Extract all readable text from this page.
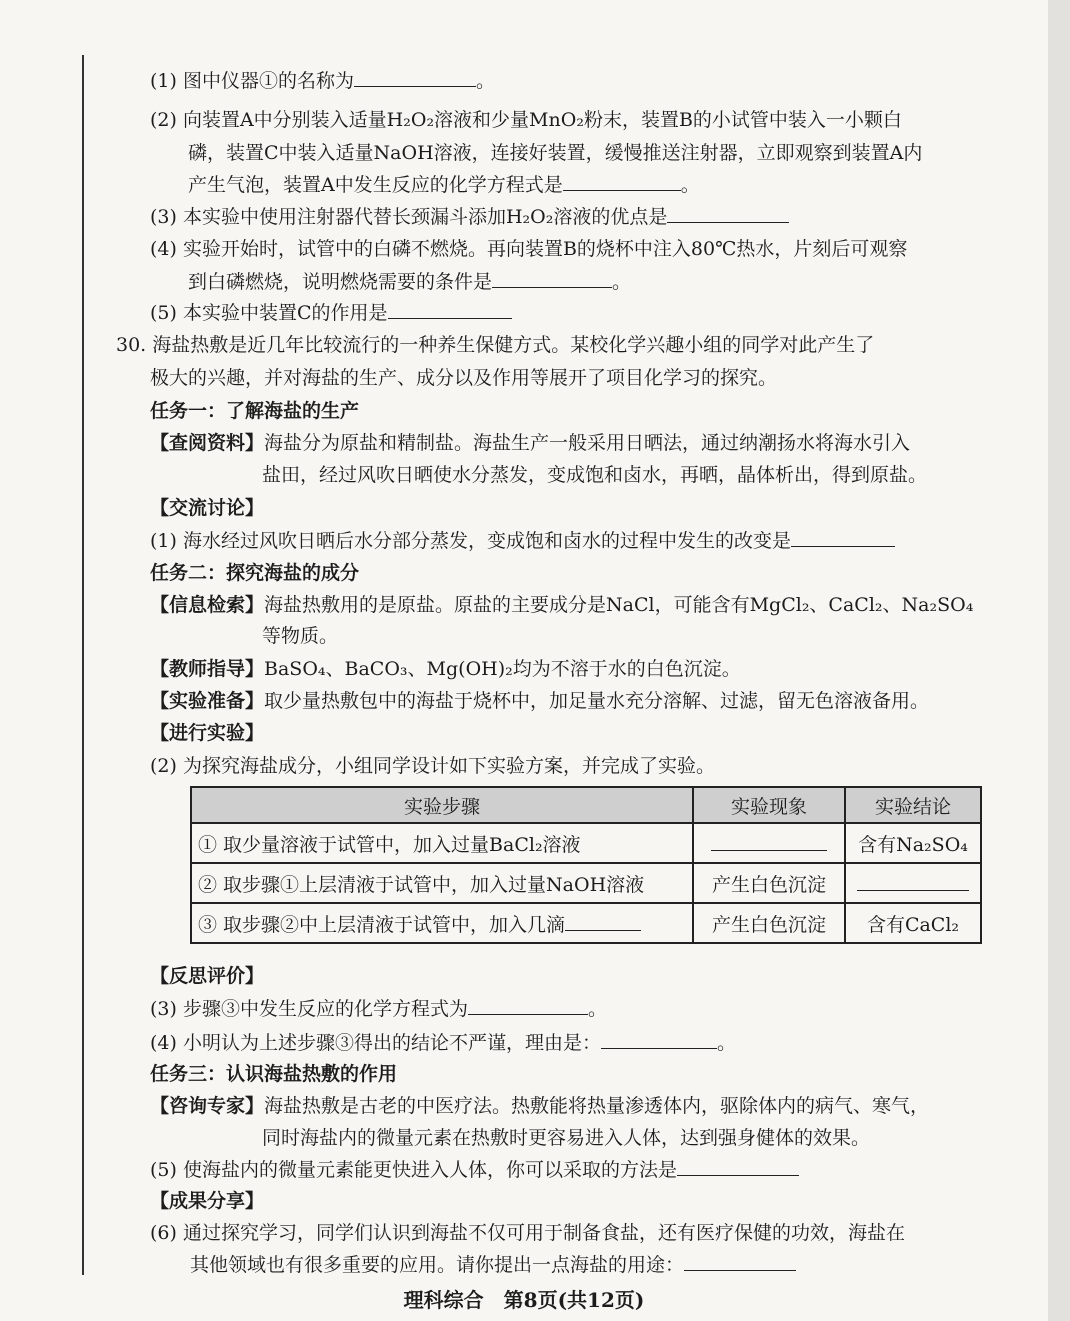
(1) 图中仪器①的名称为	。
(2) 向装置A中分别装入适量H₂O₂溶液和少量MnO₂粉末，装置B的小试管中装入一小颗白
磷，装置C中装入适量NaOH溶液，连接好装置，缓慢推送注射器，立即观察到装置A内
产生气泡，装置A中发生反应的化学方程式是	。
(3) 本实验中使用注射器代替长颈漏斗添加H₂O₂溶液的优点是
(4) 实验开始时，试管中的白磷不燃烧。再向装置B的烧杯中注入80℃热水，片刻后可观察
到白磷燃烧，说明燃烧需要的条件是	。
(5) 本实验中装置C的作用是
30. 海盐热敷是近几年比较流行的一种养生保健方式。某校化学兴趣小组的同学对此产生了
极大的兴趣，并对海盐的生产、成分以及作用等展开了项目化学习的探究。
任务一：了解海盐的生产
【查阅资料】海盐分为原盐和精制盐。海盐生产一般采用日晒法，通过纳潮扬水将海水引入
盐田，经过风吹日晒使水分蒸发，变成饱和卤水，再晒，晶体析出，得到原盐。
【交流讨论】
(1) 海水经过风吹日晒后水分部分蒸发，变成饱和卤水的过程中发生的改变是
任务二：探究海盐的成分
【信息检索】海盐热敷用的是原盐。原盐的主要成分是NaCl，可能含有MgCl₂、CaCl₂、Na₂SO₄
等物质。
【教师指导】BaSO₄、BaCO₃、Mg(OH)₂均为不溶于水的白色沉淀。
【实验准备】取少量热敷包中的海盐于烧杯中，加足量水充分溶解、过滤，留无色溶液备用。
【进行实验】
(2) 为探究海盐成分，小组同学设计如下实验方案，并完成了实验。
实验步骤	实验现象	实验结论
① 取少量溶液于试管中，加入过量BaCl₂溶液		含有Na₂SO₄
② 取步骤①上层清液于试管中，加入过量NaOH溶液	产生白色沉淀	
③ 取步骤②中上层清液于试管中，加入几滴	产生白色沉淀	含有CaCl₂
【反思评价】
(3) 步骤③中发生反应的化学方程式为	。
(4) 小明认为上述步骤③得出的结论不严谨，理由是：	。
任务三：认识海盐热敷的作用
【咨询专家】海盐热敷是古老的中医疗法。热敷能将热量渗透体内，驱除体内的病气、寒气，
同时海盐内的微量元素在热敷时更容易进入人体，达到强身健体的效果。
(5) 使海盐内的微量元素能更快进入人体，你可以采取的方法是
【成果分享】
(6) 通过探究学习，同学们认识到海盐不仅可用于制备食盐，还有医疗保健的功效，海盐在
其他领域也有很多重要的应用。请你提出一点海盐的用途：
理科综合　第8页(共12页)
